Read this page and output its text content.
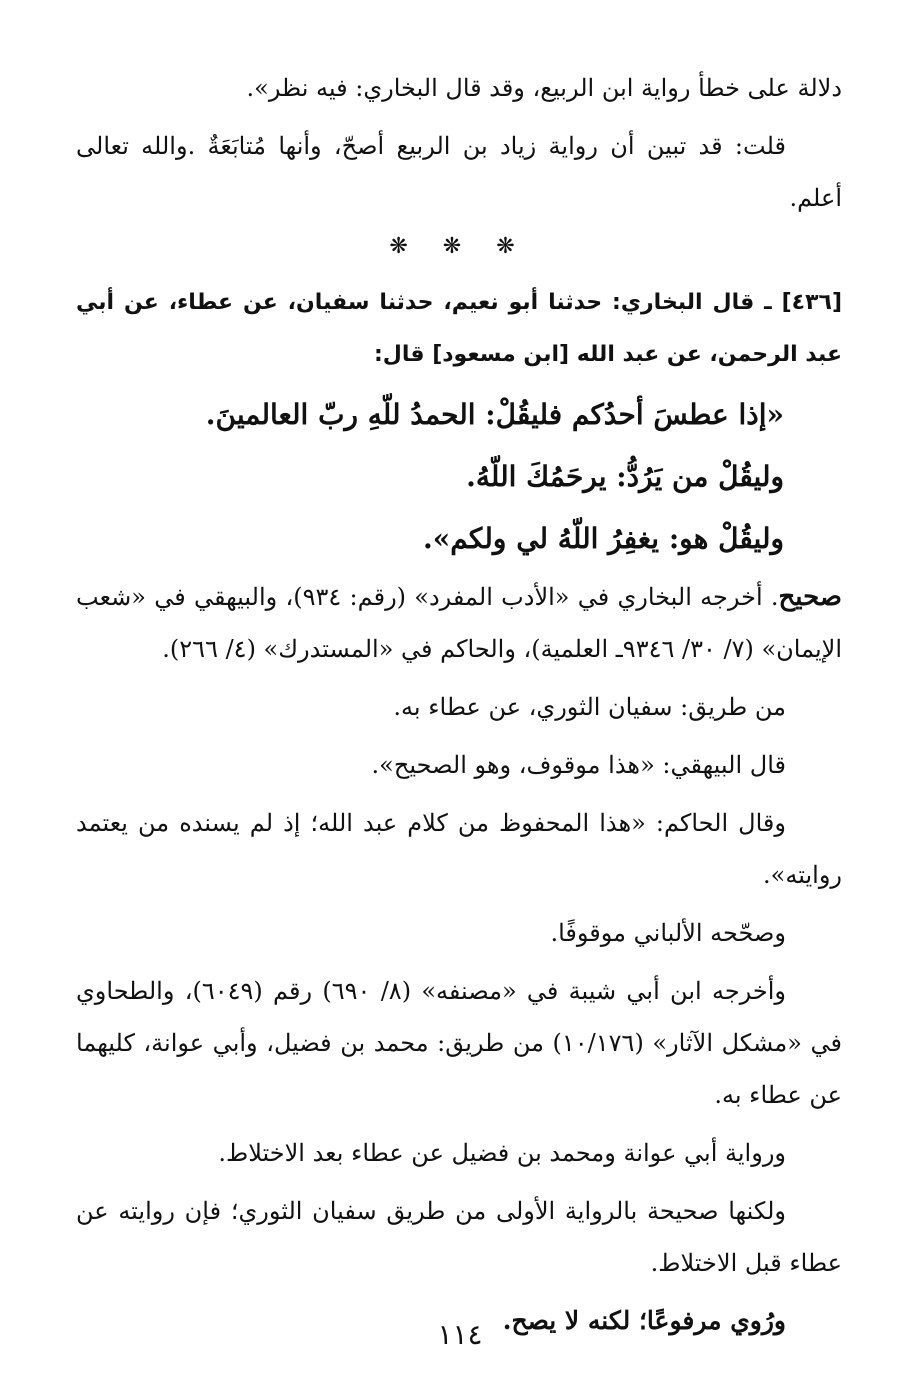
دلالة على خطأ رواية ابن الربيع، وقد قال البخاري: فيه نظر».

قلت: قد تبين أن رواية زياد بن الربيع أصحّ، وأنها مُتابَعَةٌ .والله تعالى أعلم.

❋ ❋ ❋

[٤٣٦] ـ قال البخاري: حدثنا أبو نعيم، حدثنا سفيان، عن عطاء، عن أبي عبد الرحمن، عن عبد الله [ابن مسعود] قال:

«إذا عطسَ أحدُكم فليقُلْ: الحمدُ للّهِ ربّ العالمينَ.

وليقُلْ من يَرُدُّ: يرحَمُكَ اللّهُ.

وليقُلْ هو: يغفِرُ اللّهُ لي ولكم».

صحيح. أخرجه البخاري في «الأدب المفرد» (رقم: ٩٣٤)، والبيهقي في «شعب الإيمان» (٧/ ٣٠/ ٩٣٤٦ـ العلمية)، والحاكم في «المستدرك» (٤/ ٢٦٦).

من طريق: سفيان الثوري، عن عطاء به.

قال البيهقي: «هذا موقوف، وهو الصحيح».

وقال الحاكم: «هذا المحفوظ من كلام عبد الله؛ إذ لم يسنده من يعتمد روايته».

وصحّحه الألباني موقوفًا.

وأخرجه ابن أبي شيبة في «مصنفه» (٨/ ٦٩٠) رقم (٦٠٤٩)، والطحاوي في «مشكل الآثار» (١٠/١٧٦) من طريق: محمد بن فضيل، وأبي عوانة، كليهما عن عطاء به.

ورواية أبي عوانة ومحمد بن فضيل عن عطاء بعد الاختلاط.

ولكنها صحيحة بالرواية الأولى من طريق سفيان الثوري؛ فإن روايته عن عطاء قبل الاختلاط.

ورُوي مرفوعًا؛ لكنه لا يصح.

١١٤
